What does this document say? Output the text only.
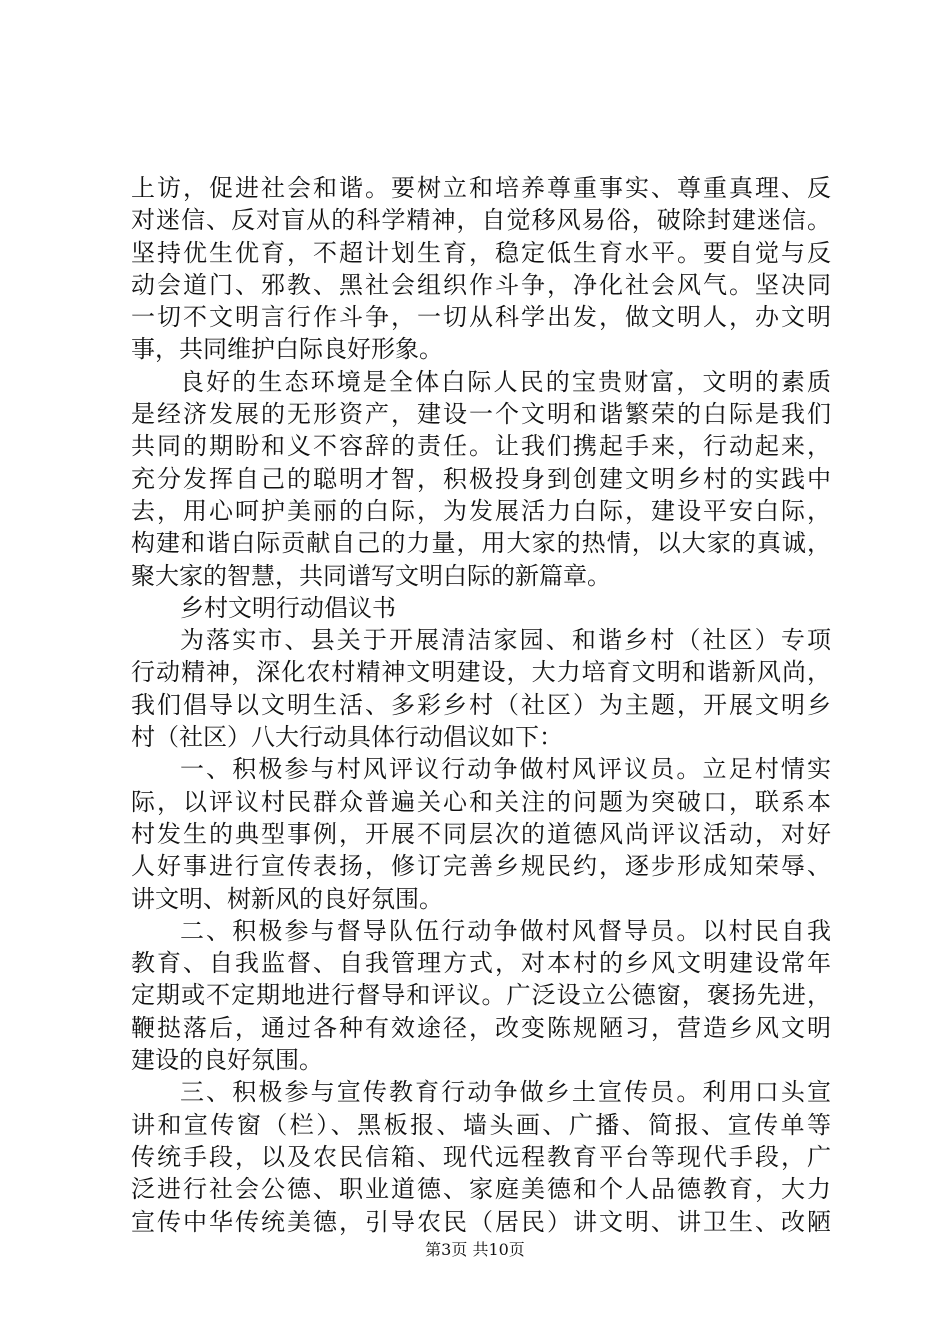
上访，促进社会和谐。要树立和培养尊重事实、尊重真理、反
对迷信、反对盲从的科学精神，自觉移风易俗，破除封建迷信。
坚持优生优育，不超计划生育，稳定低生育水平。要自觉与反
动会道门、邪教、黑社会组织作斗争，净化社会风气。坚决同
一切不文明言行作斗争，一切从科学出发，做文明人，办文明
事，共同维护白际良好形象。
良好的生态环境是全体白际人民的宝贵财富，文明的素质
是经济发展的无形资产，建设一个文明和谐繁荣的白际是我们
共同的期盼和义不容辞的责任。让我们携起手来，行动起来，
充分发挥自己的聪明才智，积极投身到创建文明乡村的实践中
去，用心呵护美丽的白际，为发展活力白际，建设平安白际，
构建和谐白际贡献自己的力量，用大家的热情，以大家的真诚，
聚大家的智慧，共同谱写文明白际的新篇章。
乡村文明行动倡议书
为落实市、县关于开展清洁家园、和谐乡村（社区）专项
行动精神，深化农村精神文明建设，大力培育文明和谐新风尚，
我们倡导以文明生活、多彩乡村（社区）为主题，开展文明乡
村（社区）八大行动具体行动倡议如下：
一、积极参与村风评议行动争做村风评议员。立足村情实
际，以评议村民群众普遍关心和关注的问题为突破口，联系本
村发生的典型事例，开展不同层次的道德风尚评议活动，对好
人好事进行宣传表扬，修订完善乡规民约，逐步形成知荣辱、
讲文明、树新风的良好氛围。
二、积极参与督导队伍行动争做村风督导员。以村民自我
教育、自我监督、自我管理方式，对本村的乡风文明建设常年
定期或不定期地进行督导和评议。广泛设立公德窗，褒扬先进，
鞭挞落后，通过各种有效途径，改变陈规陋习，营造乡风文明
建设的良好氛围。
三、积极参与宣传教育行动争做乡土宣传员。利用口头宣
讲和宣传窗（栏）、黑板报、墙头画、广播、简报、宣传单等
传统手段，以及农民信箱、现代远程教育平台等现代手段，广
泛进行社会公德、职业道德、家庭美德和个人品德教育，大力
宣传中华传统美德，引导农民（居民）讲文明、讲卫生、改陋
第3页 共10页
